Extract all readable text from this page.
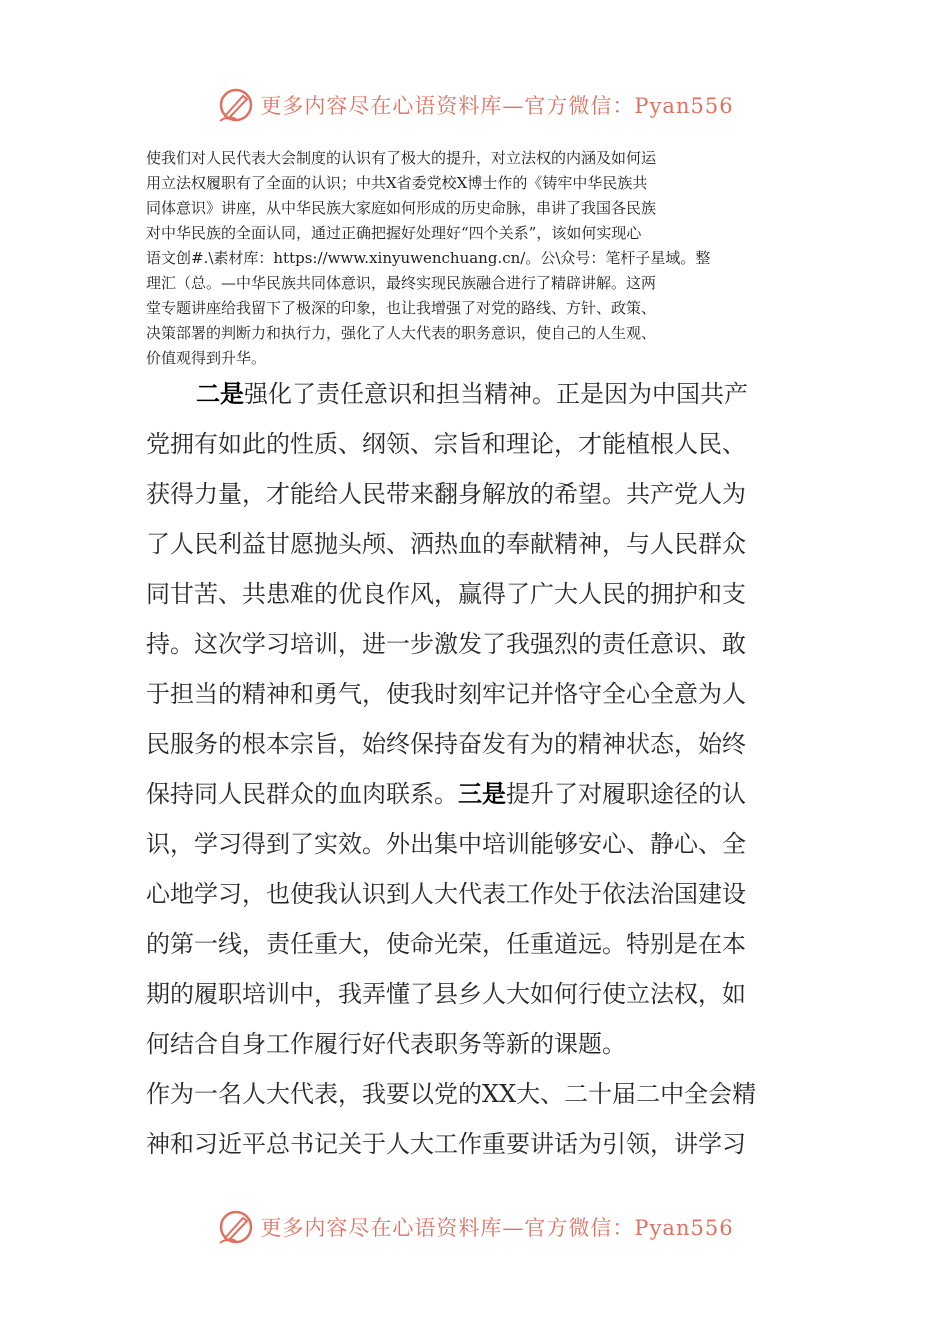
更多内容尽在心语资料库—官方微信：Pyan556
使我们对人民代表大会制度的认识有了极大的提升，对立法权的内涵及如何运
用立法权履职有了全面的认识；中共X省委党校X博士作的《铸牢中华民族共
同体意识》讲座，从中华民族大家庭如何形成的历史命脉，串讲了我国各民族
对中华民族的全面认同，通过正确把握好处理好“四个关系”，该如何实现心
语文创#.\素材库：https://www.xinyuwenchuang.cn/。公\众号：笔杆子星域。整
理汇（总。—中华民族共同体意识，最终实现民族融合进行了精辟讲解。这两
堂专题讲座给我留下了极深的印象，也让我增强了对党的路线、方针、政策、
决策部署的判断力和执行力，强化了人大代表的职务意识，使自己的人生观、
价值观得到升华。
二是强化了责任意识和担当精神。正是因为中国共产
党拥有如此的性质、纲领、宗旨和理论，才能植根人民、
获得力量，才能给人民带来翻身解放的希望。共产党人为
了人民利益甘愿抛头颅、洒热血的奉献精神，与人民群众
同甘苦、共患难的优良作风，赢得了广大人民的拥护和支
持。这次学习培训，进一步激发了我强烈的责任意识、敢
于担当的精神和勇气，使我时刻牢记并恪守全心全意为人
民服务的根本宗旨，始终保持奋发有为的精神状态，始终
保持同人民群众的血肉联系。三是提升了对履职途径的认
识，学习得到了实效。外出集中培训能够安心、静心、全
心地学习，也使我认识到人大代表工作处于依法治国建设
的第一线，责任重大，使命光荣，任重道远。特别是在本
期的履职培训中，我弄懂了县乡人大如何行使立法权，如
何结合自身工作履行好代表职务等新的课题。
作为一名人大代表，我要以党的XX大、二十届二中全会精
神和习近平总书记关于人大工作重要讲话为引领，讲学习
更多内容尽在心语资料库—官方微信：Pyan556
